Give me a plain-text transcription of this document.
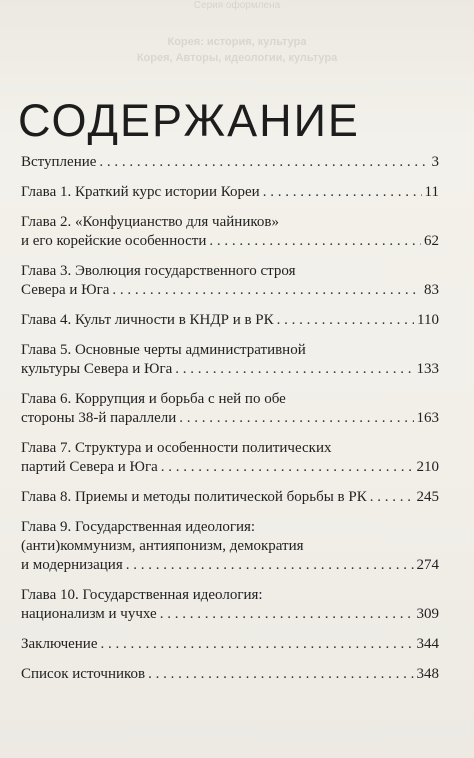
Серия оформлена
Корея: история, культура
Корея, Авторы, идеологии, культура
СОДЕРЖАНИЕ
Вступление . . .	3
Глава 1. Краткий курс истории Кореи . . .	11
Глава 2. «Конфуцианство для чайников»
и его корейские особенности . . .	62
Глава 3. Эволюция государственного строя
Севера и Юга . . .	83
Глава 4. Культ личности в КНДР и в РК . . .	110
Глава 5. Основные черты административной
культуры Севера и Юга . . .	133
Глава 6. Коррупция и борьба с ней по обе
стороны 38-й параллели . . .	163
Глава 7. Структура и особенности политических
партий Севера и Юга . . .	210
Глава 8. Приемы и методы политической борьбы в РК . . .	245
Глава 9. Государственная идеология:
(анти)коммунизм, антияпонизм, демократия
и модернизация . . .	274
Глава 10. Государственная идеология:
национализм и чучхе . . .	309
Заключение . . .	344
Список источников . . .	348
